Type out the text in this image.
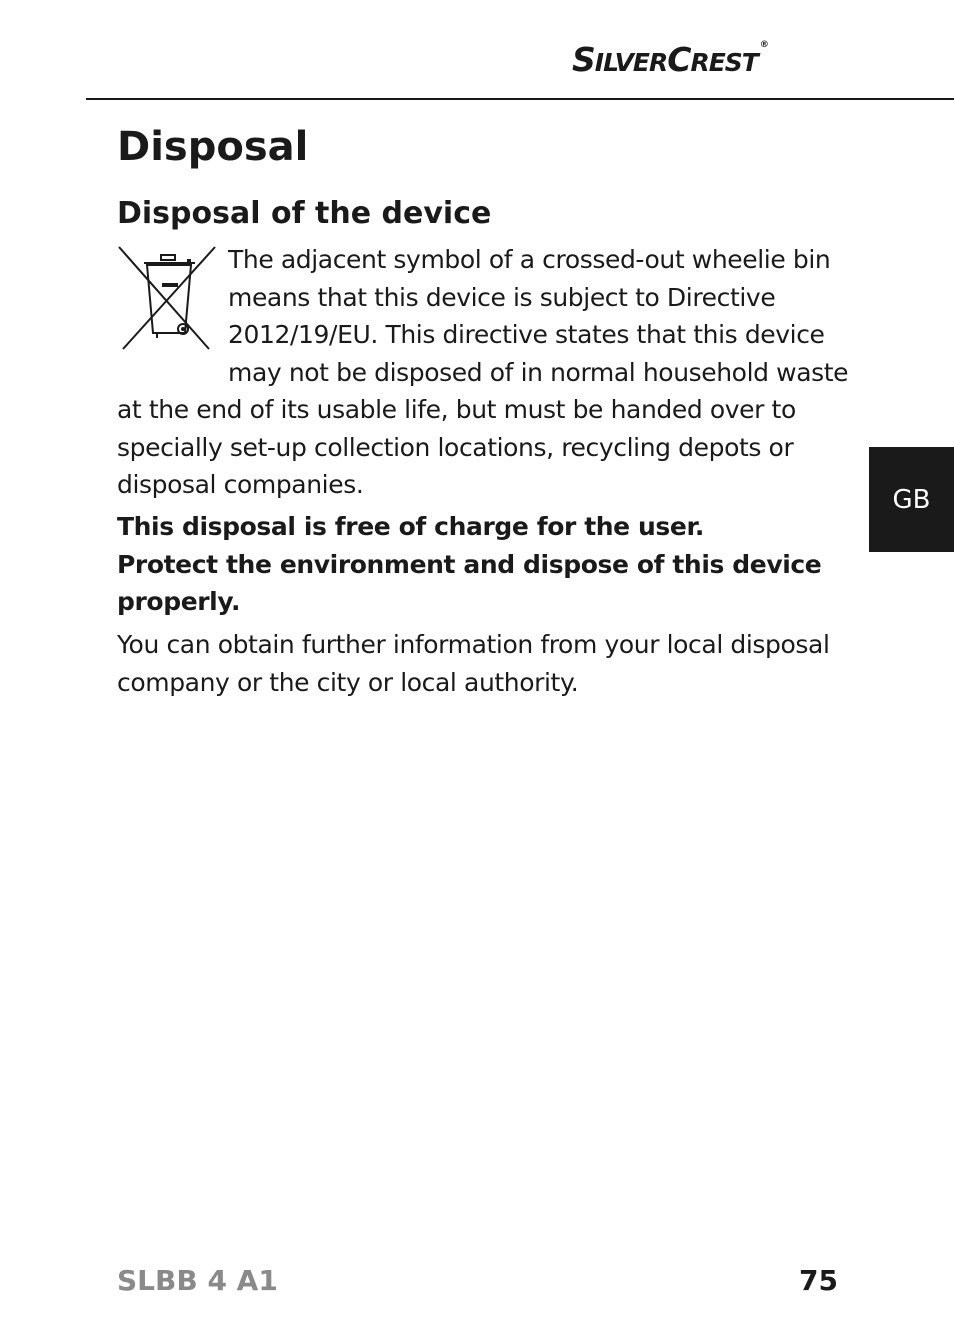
SILVERCREST®
Disposal
Disposal of the device

The adjacent symbol of a crossed-out wheelie bin means that this device is subject to Directive 2012/19/EU. This directive states that this device may not be disposed of in normal household waste at the end of its usable life, but must be handed over to specially set-up collection locations, recycling depots or disposal companies.

This disposal is free of charge for the user.
Protect the environment and dispose of this device properly.

You can obtain further information from your local disposal company or the city or local authority.

GB
SLBB 4 A1	75
